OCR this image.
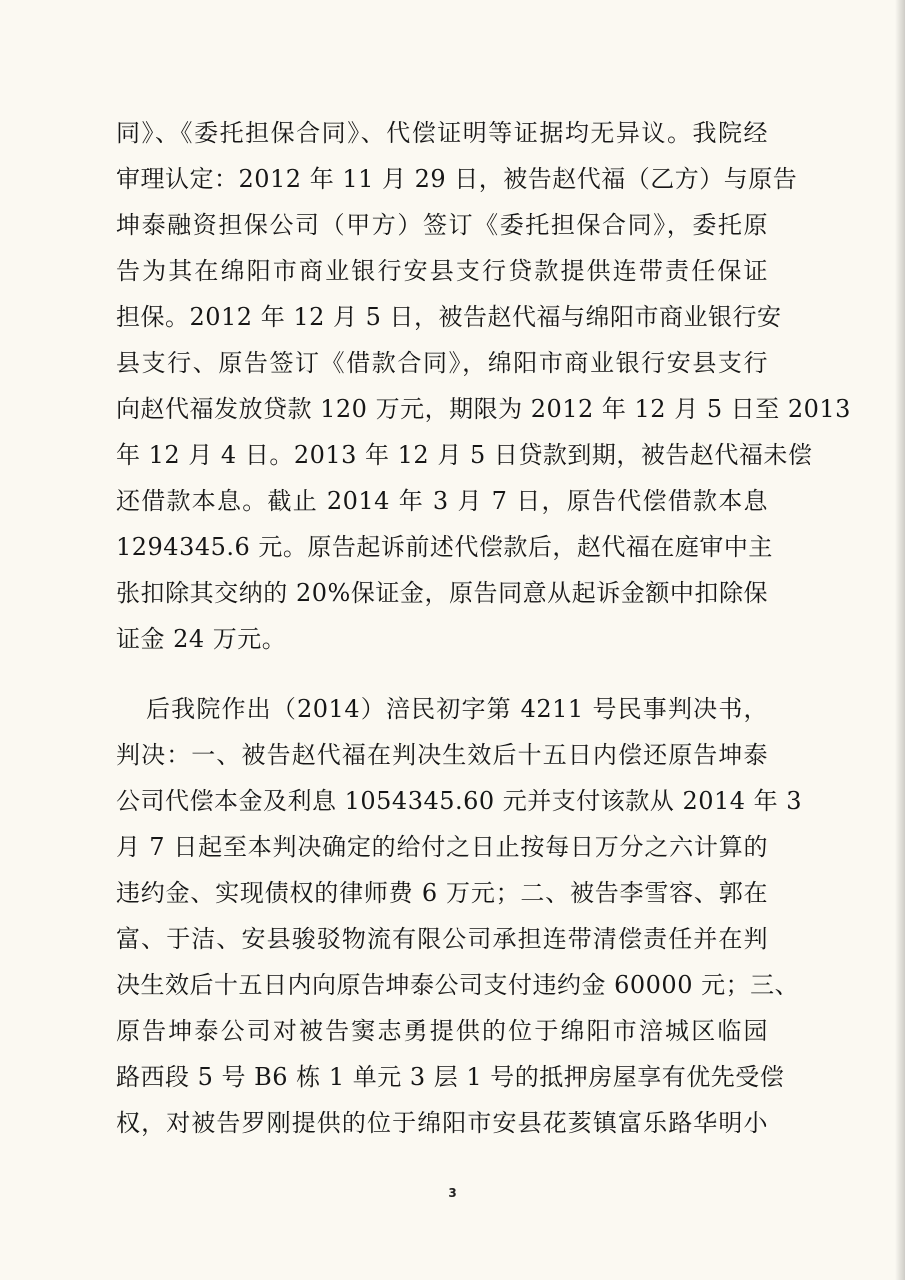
同》、《委托担保合同》、代偿证明等证据均无异议。我院经
审理认定：2012 年 11 月 29 日，被告赵代福（乙方）与原告
坤泰融资担保公司（甲方）签订《委托担保合同》，委托原
告为其在绵阳市商业银行安县支行贷款提供连带责任保证
担保。2012 年 12 月 5 日，被告赵代福与绵阳市商业银行安
县支行、原告签订《借款合同》，绵阳市商业银行安县支行
向赵代福发放贷款 120 万元，期限为 2012 年 12 月 5 日至 2013
年 12 月 4 日。2013 年 12 月 5 日贷款到期，被告赵代福未偿
还借款本息。截止 2014 年 3 月 7 日，原告代偿借款本息
1294345.6 元。原告起诉前述代偿款后，赵代福在庭审中主
张扣除其交纳的 20%保证金，原告同意从起诉金额中扣除保
证金 24 万元。
后我院作出（2014）涪民初字第 4211 号民事判决书，
判决：一、被告赵代福在判决生效后十五日内偿还原告坤泰
公司代偿本金及利息 1054345.60 元并支付该款从 2014 年 3
月 7 日起至本判决确定的给付之日止按每日万分之六计算的
违约金、实现债权的律师费 6 万元；二、被告李雪容、郭在
富、于洁、安县骏驳物流有限公司承担连带清偿责任并在判
决生效后十五日内向原告坤泰公司支付违约金 60000 元；三、
原告坤泰公司对被告窦志勇提供的位于绵阳市涪城区临园
路西段 5 号 B6 栋 1 单元 3 层 1 号的抵押房屋享有优先受偿
权，对被告罗刚提供的位于绵阳市安县花荄镇富乐路华明小
3
